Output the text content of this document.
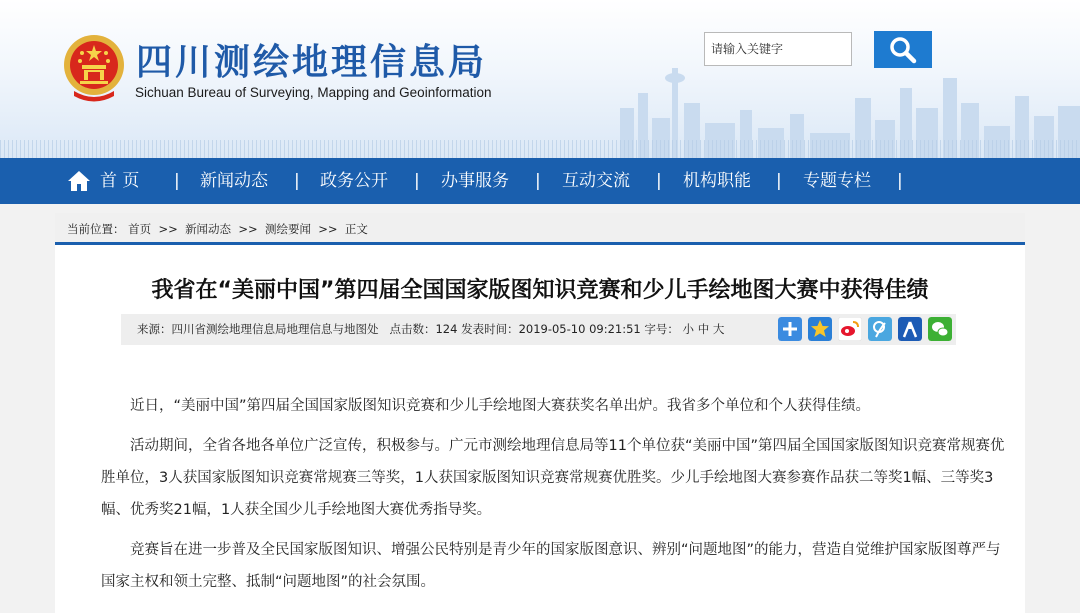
四川测绘地理信息局
Sichuan Bureau of Surveying, Mapping and Geoinformation
请输入关键字
首 页 | 新闻动态 | 政务公开 | 办事服务 | 互动交流 | 机构职能 | 专题专栏 |
当前位置： 首页 >> 新闻动态 >> 测绘要闻 >> 正文
我省在“美丽中国”第四届全国国家版图知识竞赛和少儿手绘地图大赛中获得佳绩
来源：四川省测绘地理信息局地理信息与地图处 点击数：124 发表时间：2019-05-10 09:21:51 字号： 小 中 大

近日，“美丽中国”第四届全国国家版图知识竞赛和少儿手绘地图大赛获奖名单出炉。我省多个单位和个人获得佳绩。

活动期间，全省各地各单位广泛宣传，积极参与。广元市测绘地理信息局等11个单位获“美丽中国”第四届全国国家版图知识竞赛常规赛优胜单位，3人获国家版图知识竞赛常规赛三等奖，1人获国家版图知识竞赛常规赛优胜奖。少儿手绘地图大赛参赛作品获二等奖1幅、三等奖3幅、优秀奖21幅，1人获全国少儿手绘地图大赛优秀指导奖。

竞赛旨在进一步普及全民国家版图知识、增强公民特别是青少年的国家版图意识、辨别“问题地图”的能力，营造自觉维护国家版图尊严与国家主权和领土完整、抵制“问题地图”的社会氛围。
